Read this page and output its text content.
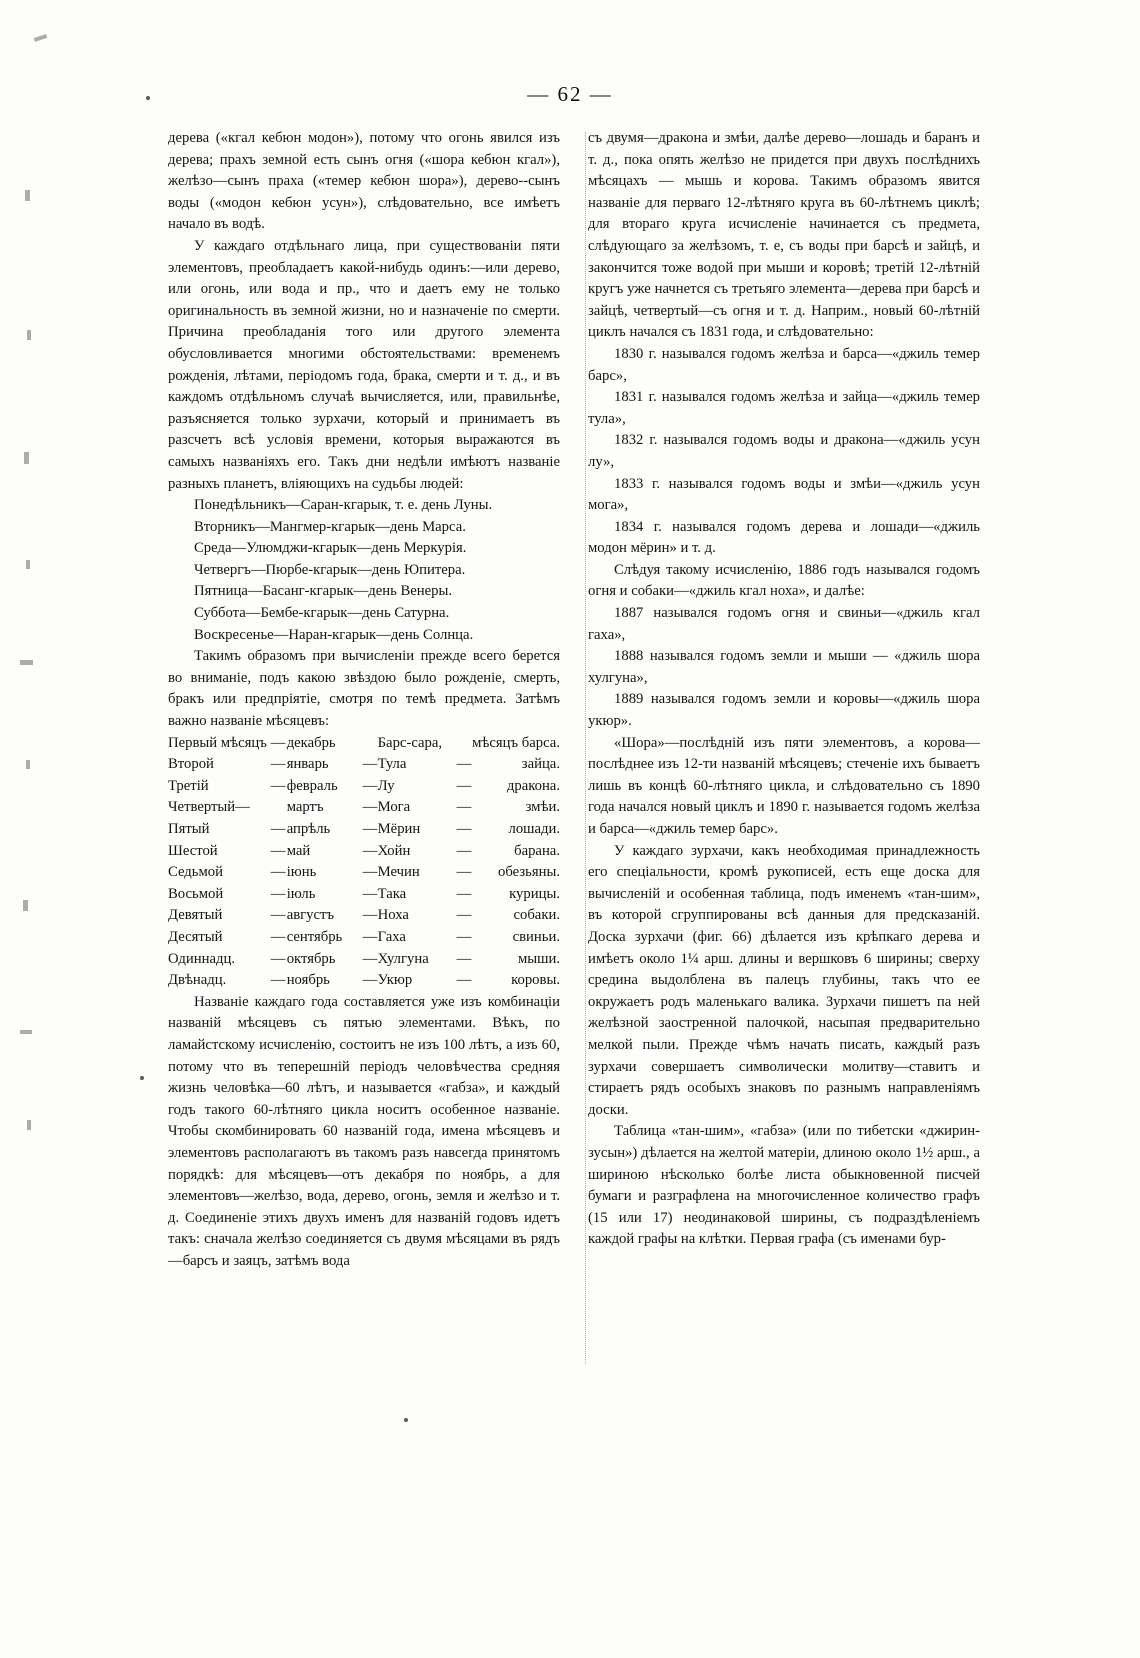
— 62 —

дерева («кгал кебюн модон»), потому что огонь явился изъ дерева; прахъ земной есть сынъ огня («шора кебюн кгал»), желѣзо—сынъ праха («темер кебюн шора»), дерево--сынъ воды («модон кебюн усун»), слѣдовательно, все имѣетъ начало въ водѣ.

У каждаго отдѣльнаго лица, при существованіи пяти элементовъ, преобладаетъ какой-нибудь одинъ:—или дерево, или огонь, или вода и пр., что и даетъ ему не только оригинальность въ земной жизни, но и назначеніе по смерти. Причина преобладанія того или другого элемента обусловливается многими обстоятельствами: временемъ рожденія, лѣтами, періодомъ года, брака, смерти и т. д., и въ каждомъ отдѣльномъ случаѣ вычисляется, или, правильнѣе, разъясняется только зурхачи, который и принимаетъ въ разсчетъ всѣ условія времени, которыя выражаются въ самыхъ названіяхъ его. Такъ дни недѣли имѣютъ названіе разныхъ планетъ, вліяющихъ на судьбы людей:

Понедѣльникъ—Саран-кгарык, т. е. день Луны.

Вторникъ—Мангмер-кгарык—день Марса.

Среда—Улюмджи-кгарык—день Меркурія.

Четвергъ—Пюрбе-кгарык—день Юпитера.

Пятница—Басанг-кгарык—день Венеры.

Суббота—Бембе-кгарык—день Сатурна.

Воскресенье—Наран-кгарык—день Солнца.

Такимъ образомъ при вычисленіи прежде всего берется во вниманіе, подъ какою звѣздою было рожденіе, смерть, бракъ или предпріятіе, смотря по темѣ предмета. Затѣмъ важно названіе мѣсяцевъ:

Первый мѣсяцъ	—	декабрь		Барс-сара,		мѣсяцъ барса.
Второй	—	январь	—	Тула	—	зайца.
Третій	—	февраль	—	Лу	—	дракона.
Четвертый—		мартъ	—	Мога	—	змѣи.
Пятый	—	апрѣль	—	Мёрин	—	лошади.
Шестой	—	май	—	Хойн	—	барана.
Седьмой	—	іюнь	—	Мечин	—	обезьяны.
Восьмой	—	іюль	—	Така	—	курицы.
Девятый	—	августъ	—	Ноха	—	собаки.
Десятый	—	сентябрь	—	Гаха	—	свиньи.
Одиннадц.	—	октябрь	—	Хулгуна	—	мыши.
Двѣнадц.	—	ноябрь	—	Укюр	—	коровы.

Названіе каждаго года составляется уже изъ комбинаціи названій мѣсяцевъ съ пятью элементами. Вѣкъ, по ламайстскому исчисленію, состоитъ не изъ 100 лѣтъ, а изъ 60, потому что въ теперешній періодъ человѣчества средняя жизнь человѣка—60 лѣтъ, и называется «габза», и каждый годъ такого 60-лѣтняго цикла носитъ особенное названіе. Чтобы скомбинировать 60 названій года, имена мѣсяцевъ и элементовъ располагаютъ въ такомъ разъ навсегда принятомъ порядкѣ: для мѣсяцевъ—отъ декабря по ноябрь, а для элементовъ—желѣзо, вода, дерево, огонь, земля и желѣзо и т. д. Соединеніе этихъ двухъ именъ для названій годовъ идетъ такъ: сначала желѣзо соединяется съ двумя мѣсяцами въ рядъ—барсъ и заяцъ, затѣмъ вода

съ двумя—дракона и змѣи, далѣе дерево—лошадь и баранъ и т. д., пока опять желѣзо не придется при двухъ послѣднихъ мѣсяцахъ — мышь и корова. Такимъ образомъ явится названіе для перваго 12-лѣтняго круга въ 60-лѣтнемъ циклѣ; для втораго круга исчисленіе начинается съ предмета, слѣдующаго за желѣзомъ, т. е, съ воды при барсѣ и зайцѣ, и закончится тоже водой при мыши и коровѣ; третій 12-лѣтній кругъ уже начнется съ третьяго элемента—дерева при барсѣ и зайцѣ, четвертый—съ огня и т. д. Наприм., новый 60-лѣтній циклъ начался съ 1831 года, и слѣдовательно:

1830 г. назывался годомъ желѣза и барса—«джиль темер барс»,

1831 г. назывался годомъ желѣза и зайца—«джиль темер тула»,

1832 г. назывался годомъ воды и дракона—«джиль усун лу»,

1833 г. назывался годомъ воды и змѣи—«джиль усун мога»,

1834 г. назывался годомъ дерева и лошади—«джиль модон мёрин» и т. д.

Слѣдуя такому исчисленію, 1886 годъ назывался годомъ огня и собаки—«джиль кгал ноха», и далѣе:

1887 назывался годомъ огня и свиньи—«джиль кгал гаха»,

1888 назывался годомъ земли и мыши — «джиль шора хулгуна»,

1889 назывался годомъ земли и коровы—«джиль шора укюр».

«Шора»—послѣдній изъ пяти элементовъ, а корова—послѣднее изъ 12-ти названій мѣсяцевъ; стеченіе ихъ бываетъ лишь въ концѣ 60-лѣтняго цикла, и слѣдовательно съ 1890 года начался новый циклъ и 1890 г. называется годомъ желѣза и барса—«джиль темер барс».

У каждаго зурхачи, какъ необходимая принадлежность его спеціальности, кромѣ рукописей, есть еще доска для вычисленій и особенная таблица, подъ именемъ «тан-шим», въ которой сгруппированы всѣ данныя для предсказаній. Доска зурхачи (фиг. 66) дѣлается изъ крѣпкаго дерева и имѣетъ около 1¼ арш. длины и вершковъ 6 ширины; сверху средина выдолблена въ палецъ глубины, такъ что ее окружаетъ родъ маленькаго валика. Зурхачи пишетъ па ней желѣзной заостренной палочкой, насыпая предварительно мелкой пыли. Прежде чѣмъ начать писать, каждый разъ зурхачи совершаетъ символически молитву—ставитъ и стираетъ рядъ особыхъ знаковъ по разнымъ направленіямъ доски.

Таблица «тан-шим», «габза» (или по тибетски «джирин-зусын») дѣлается на желтой матеріи, длиною около 1½ арш., а шириною нѣсколько болѣе листа обыкновенной писчей бумаги и разграфлена на многочисленное количество графъ (15 или 17) неодинаковой ширины, съ подраздѣленіемъ каждой графы на клѣтки. Первая графа (съ именами бур-
